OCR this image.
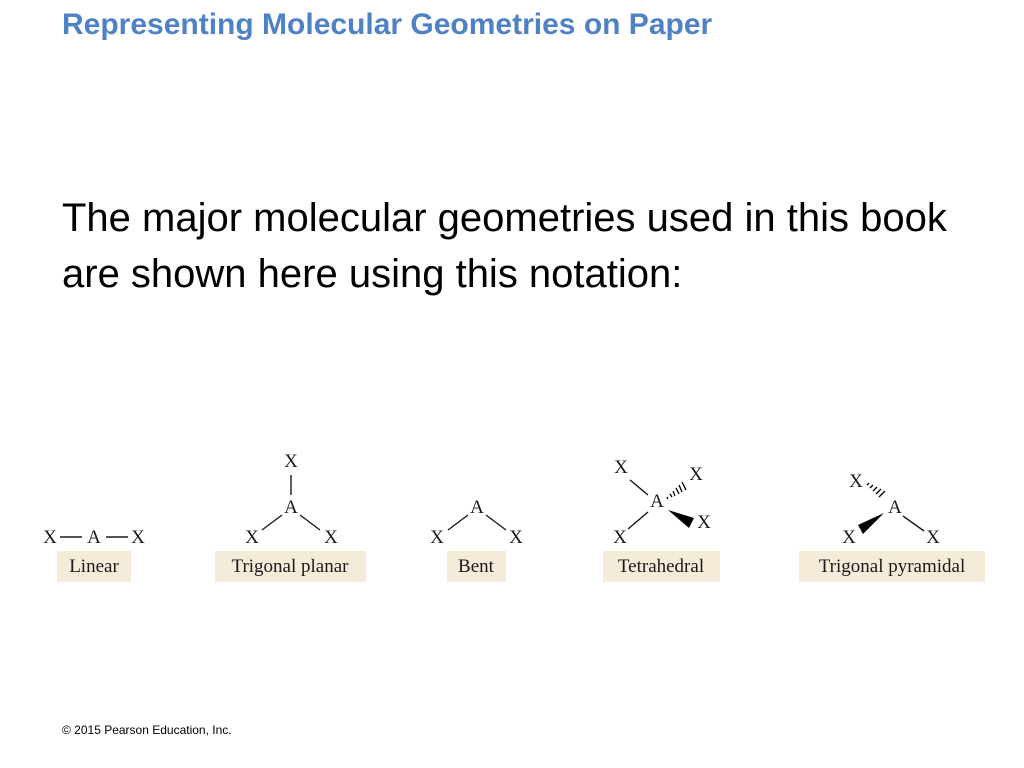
Representing Molecular Geometries on Paper
The major molecular geometries used in this book are shown here using this notation:
X A X
Linear
X
A
X	X
Trigonal planar
A
X	X
Bent
X
A
X
X
X
Tetrahedral
X
A
X	X
Trigonal pyramidal
© 2015 Pearson Education, Inc.
